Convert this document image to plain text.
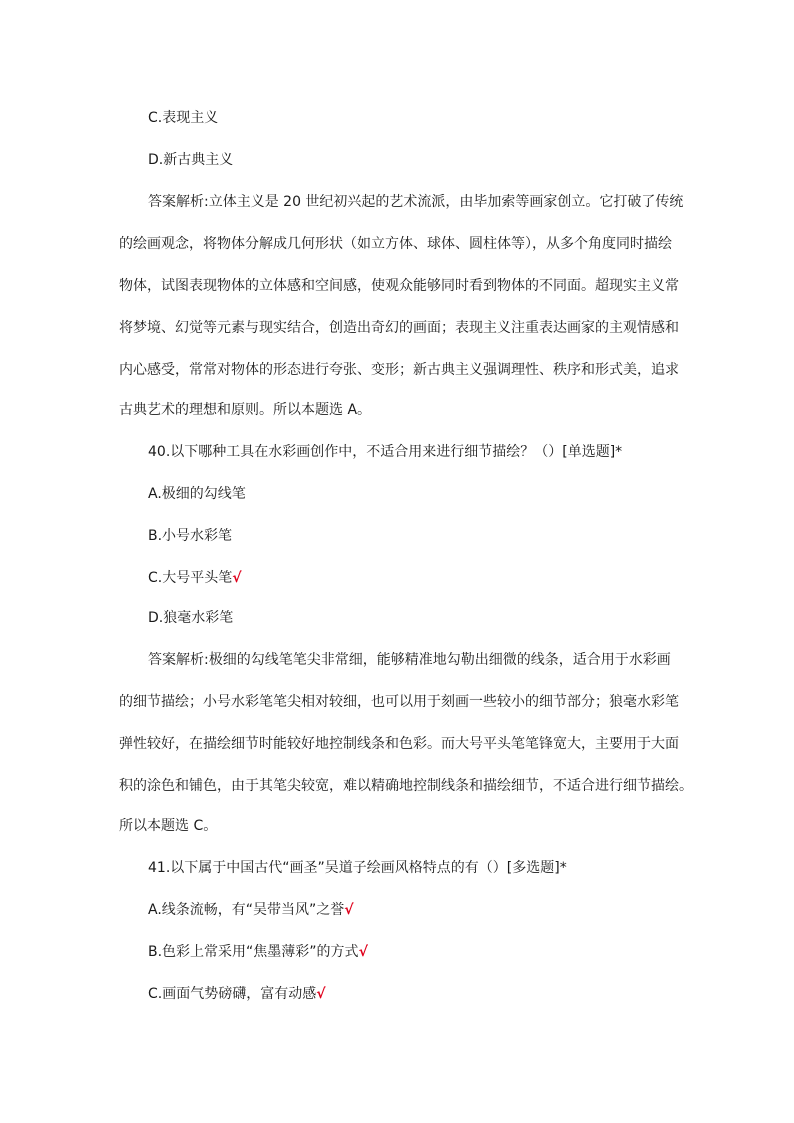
C.表现主义
D.新古典主义
答案解析:立体主义是 20 世纪初兴起的艺术流派，由毕加索等画家创立。它打破了传统
的绘画观念，将物体分解成几何形状（如立方体、球体、圆柱体等），从多个角度同时描绘
物体，试图表现物体的立体感和空间感，使观众能够同时看到物体的不同面。超现实主义常
将梦境、幻觉等元素与现实结合，创造出奇幻的画面；表现主义注重表达画家的主观情感和
内心感受，常常对物体的形态进行夸张、变形；新古典主义强调理性、秩序和形式美，追求
古典艺术的理想和原则。所以本题选 A。
40.以下哪种工具在水彩画创作中，不适合用来进行细节描绘？（）[单选题]*
A.极细的勾线笔
B.小号水彩笔
C.大号平头笔√
D.狼毫水彩笔
答案解析:极细的勾线笔笔尖非常细，能够精准地勾勒出细微的线条，适合用于水彩画
的细节描绘；小号水彩笔笔尖相对较细，也可以用于刻画一些较小的细节部分；狼毫水彩笔
弹性较好，在描绘细节时能较好地控制线条和色彩。而大号平头笔笔锋宽大，主要用于大面
积的涂色和铺色，由于其笔尖较宽，难以精确地控制线条和描绘细节，不适合进行细节描绘。
所以本题选 C。
41.以下属于中国古代“画圣”吴道子绘画风格特点的有（）[多选题]*
A.线条流畅，有“吴带当风”之誉√
B.色彩上常采用“焦墨薄彩”的方式√
C.画面气势磅礴，富有动感√
